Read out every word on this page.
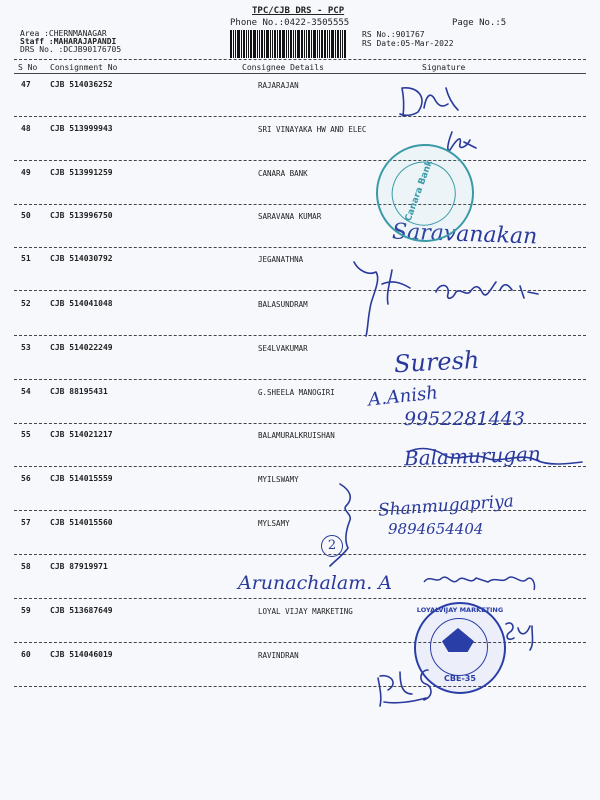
TPC/CJB DRS - PCP
Phone No.:0422-3505555	Page No.:5
Area :CHERNMANAGAR
Staff :MAHARAJAPANDI
DRS No. :DCJB90176705
RS No.:901767
RS Date:05-Mar-2022
S No Consignment No	Consignee Details	Signature
47 CJB 514036252	RAJARAJAN
48 CJB 513999943	SRI VINAYAKA HW AND ELEC
49 CJB 513991259	CANARA BANK
50 CJB 513996750	SARAVANA KUMAR
51 CJB 514030792	JEGANATHNA
52 CJB 514041048	BALASUNDRAM
53 CJB 514022249	SE4LVAKUMAR
54 CJB 88195431	G.SHEELA MANOGIRI
55 CJB 514021217	BALAMURALKRUISHAN
56 CJB 514015559	MYILSWAMY
57 CJB 514015560	MYLSAMY
58 CJB 87919971
59 CJB 513687649	LOYAL VIJAY MARKETING
60 CJB 514046019	RAVINDRAN
Saravanakan
Suresh
A.Anish
9952281443
Balamurugan
Shanmugapriya
9894654404
2
Arunachalam. A
Canara Bank
LOYALVIJAY MARKETING
CBE-35
